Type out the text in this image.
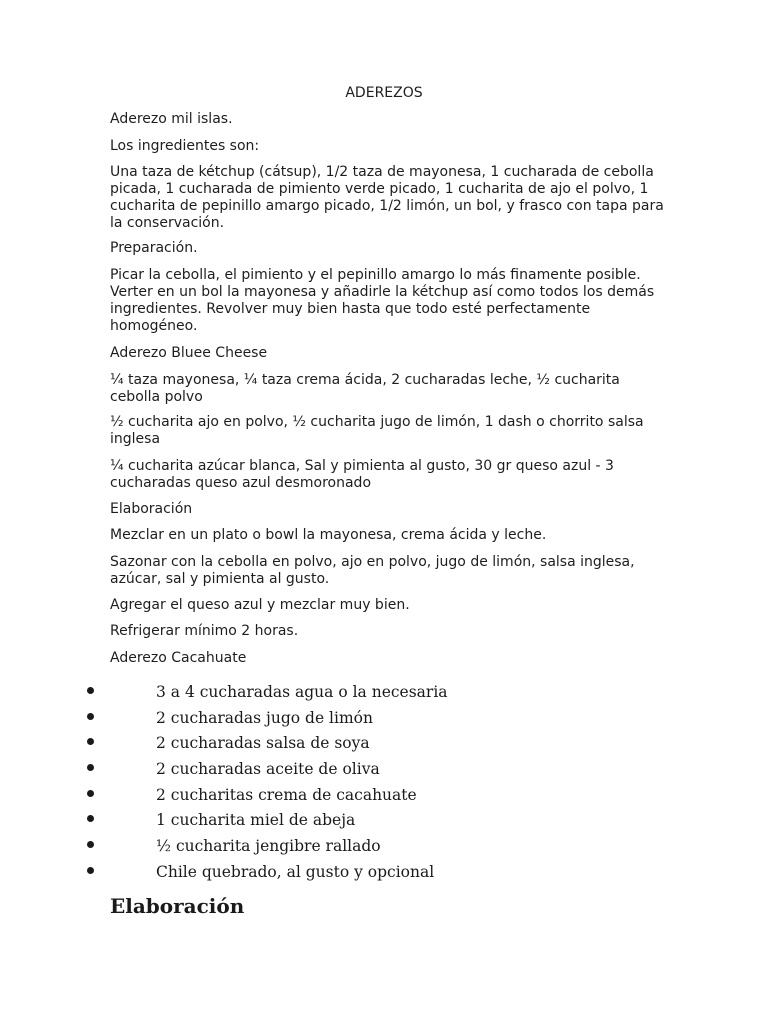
ADEREZOS

Aderezo mil islas.

Los ingredientes son:

Una taza de kétchup (cátsup), 1/2 taza de mayonesa, 1 cucharada de cebolla picada, 1 cucharada de pimiento verde picado, 1 cucharita de ajo el polvo, 1 cucharita de pepinillo amargo picado, 1/2 limón, un bol, y frasco con tapa para la conservación.

Preparación.

Picar la cebolla, el pimiento y el pepinillo amargo lo más finamente posible. Verter en un bol la mayonesa y añadirle la kétchup así como todos los demás ingredientes. Revolver muy bien hasta que todo esté perfectamente homogéneo.

Aderezo Bluee Cheese

¼ taza mayonesa, ¼ taza crema ácida, 2 cucharadas leche, ½ cucharita cebolla polvo

½ cucharita ajo en polvo, ½ cucharita jugo de limón, 1 dash o chorrito salsa inglesa

¼ cucharita azúcar blanca, Sal y pimienta al gusto, 30 gr queso azul - 3 cucharadas queso azul desmoronado

Elaboración

Mezclar en un plato o bowl la mayonesa, crema ácida y leche.

Sazonar con la cebolla en polvo, ajo en polvo, jugo de limón, salsa inglesa, azúcar, sal y pimienta al gusto.

Agregar el queso azul y mezclar muy bien.

Refrigerar mínimo 2 horas.

Aderezo Cacahuate

3 a 4 cucharadas agua o la necesaria
2 cucharadas jugo de limón
2 cucharadas salsa de soya
2 cucharadas aceite de oliva
2 cucharitas crema de cacahuate
1 cucharita miel de abeja
½ cucharita jengibre rallado
Chile quebrado, al gusto y opcional
Elaboración
